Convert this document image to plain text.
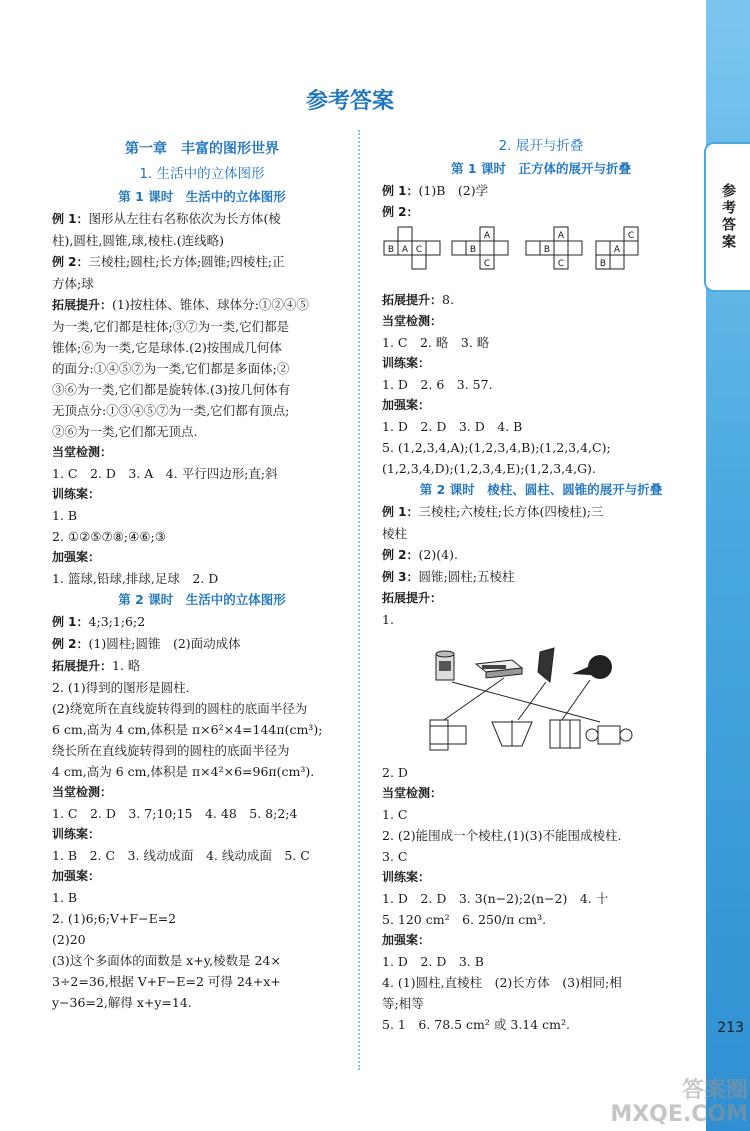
参考答案
213
答案圈
MXQE.COM
参考答案
第一章　丰富的图形世界
1. 生活中的立体图形
第 1 课时　生活中的立体图形

例 1：图形从左往右名称依次为长方体(棱

柱),圆柱,圆锥,球,棱柱.(连线略)

例 2：三棱柱;圆柱;长方体;圆锥;四棱柱;正

方体;球

拓展提升：(1)按柱体、锥体、球体分:①②④⑤

为一类,它们都是柱体;③⑦为一类,它们都是

锥体;⑥为一类,它是球体.(2)按围成几何体

的面分:①④⑤⑦为一类,它们都是多面体;②

③⑥为一类,它们都是旋转体.(3)按几何体有

无顶点分:①③④⑤⑦为一类,它们都有顶点;

②⑥为一类,它们都无顶点.

当堂检测：

1. C　2. D　3. A　4. 平行四边形;直;斜

训练案：

1. B

2. ①②⑤⑦⑧;④⑥;③

加强案：

1. 篮球,铅球,排球,足球　2. D

第 2 课时　生活中的立体图形

例 1：4;3;1;6;2

例 2：(1)圆柱;圆锥　(2)面动成体

拓展提升：1. 略

2. (1)得到的图形是圆柱.

(2)绕宽所在直线旋转得到的圆柱的底面半径为

6 cm,高为 4 cm,体积是 π×6²×4=144π(cm³);

绕长所在直线旋转得到的圆柱的底面半径为

4 cm,高为 6 cm,体积是 π×4²×6=96π(cm³).

当堂检测：

1. C　2. D　3. 7;10;15　4. 48　5. 8;2;4

训练案：

1. B　2. C　3. 线动成面　4. 线动成面　5. C

加强案：

1. B

2. (1)6;6;V+F−E=2

(2)20

(3)这个多面体的面数是 x+y,棱数是 24×

3÷2=36,根据 V+F−E=2 可得 24+x+

y−36=2,解得 x+y=14.

2. 展开与折叠
第 1 课时　正方体的展开与折叠

例 1：(1)B　(2)学

例 2：

A
B C
A
B
C
A
B
C
A
C
B

拓展提升：8.

当堂检测：

1. C　2. 略　3. 略

训练案：

1. D　2. 6　3. 57.

加强案：

1. D　2. D　3. D　4. B

5. (1,2,3,4,A);(1,2,3,4,B);(1,2,3,4,C);

(1,2,3,4,D);(1,2,3,4,E);(1,2,3,4,G).

第 2 课时　棱柱、圆柱、圆锥的展开与折叠

例 1：三棱柱;六棱柱;长方体(四棱柱);三

棱柱

例 2：(2)(4).

例 3：圆锥;圆柱;五棱柱

拓展提升：

1.

2. D

当堂检测：

1. C

2. (2)能围成一个棱柱,(1)(3)不能围成棱柱.

3. C

训练案：

1. D　2. D　3. 3(n−2);2(n−2)　4. 十

5. 120 cm²　6. 250/π cm³.

加强案：

1. D　2. D　3. B

4. (1)圆柱,直棱柱　(2)长方体　(3)相同;相

等;相等

5. 1　6. 78.5 cm² 或 3.14 cm².
